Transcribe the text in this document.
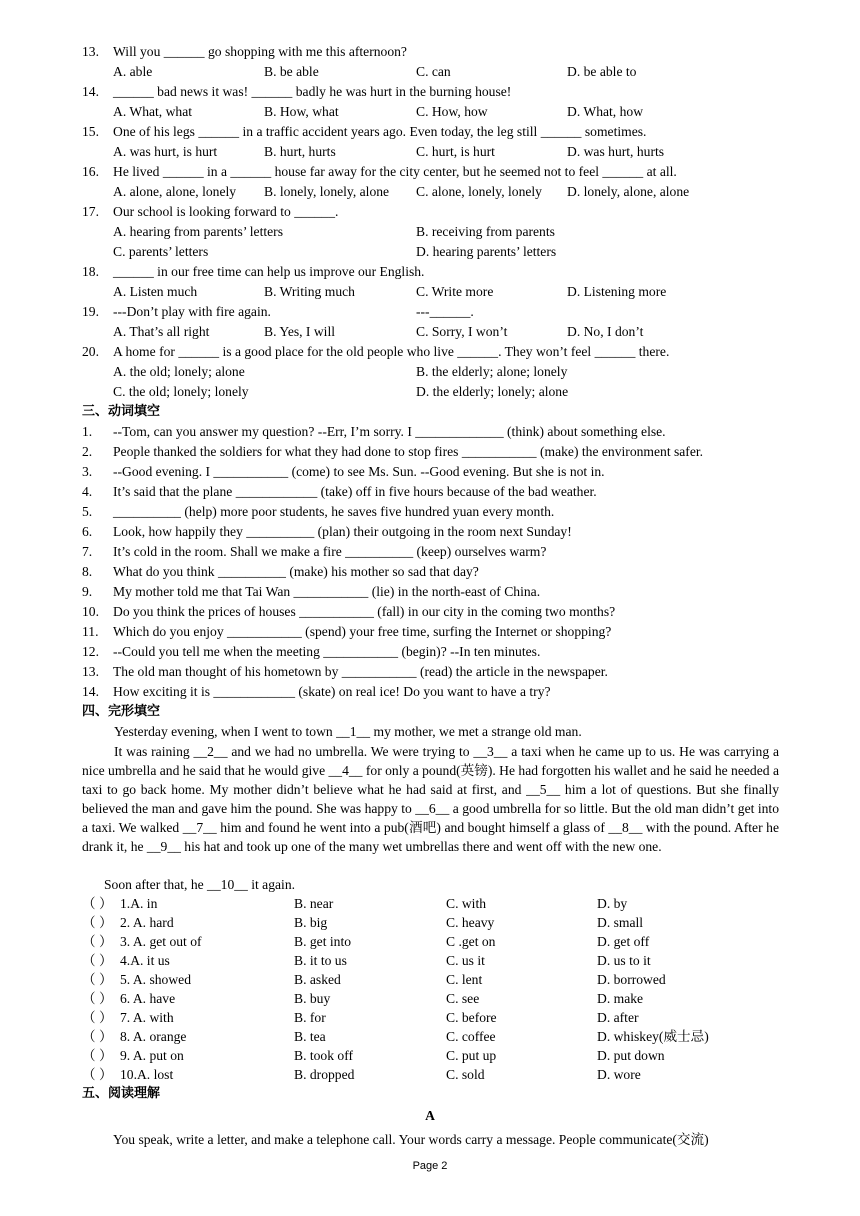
13. Will you ______ go shopping with me this afternoon?
A. able	B. be able	C. can	D. be able to
14. ______ bad news it was! ______ badly he was hurt in the burning house!
A. What, what	B. How, what	C. How, how	D. What, how
15. One of his legs ______ in a traffic accident years ago. Even today, the leg still ______ sometimes.
A. was hurt, is hurt	B. hurt, hurts	C. hurt, is hurt	D. was hurt, hurts
16. He lived ______ in a ______ house far away for the city center, but he seemed not to feel ______ at all.
A. alone, alone, lonely B. lonely, lonely, alone C. alone, lonely, lonely D. lonely, alone, alone
17. Our school is looking forward to ______.
A. hearing from parents’ letters	B. receiving from parents
C. parents’ letters	D. hearing parents’ letters
18. ______ in our free time can help us improve our English.
A. Listen much	B. Writing much	C. Write more	D. Listening more
19. ---Don’t play with fire again.	---______.
A. That’s all right	B. Yes, I will	C. Sorry, I won’t	D. No, I don’t
20. A home for ______ is a good place for the old people who live ______. They won’t feel ______ there.
A. the old; lonely; alone	B. the elderly; alone; lonely
C. the old; lonely; lonely	D. the elderly; lonely; alone
三、动词填空
1. --Tom, can you answer my question? --Err, I’m sorry. I _____________ (think) about something else.
2. People thanked the soldiers for what they had done to stop fires ___________ (make) the environment safer.
3. --Good evening. I ___________ (come) to see Ms. Sun. --Good evening. But she is not in.
4. It’s said that the plane ____________ (take) off in five hours because of the bad weather.
5. __________ (help) more poor students, he saves five hundred yuan every month.
6. Look, how happily they __________ (plan) their outgoing in the room next Sunday!
7. It’s cold in the room. Shall we make a fire __________ (keep) ourselves warm?
8. What do you think __________ (make) his mother so sad that day?
9. My mother told me that Tai Wan ___________ (lie) in the north-east of China.
10. Do you think the prices of houses ___________ (fall) in our city in the coming two months?
11. Which do you enjoy ___________ (spend) your free time, surfing the Internet or shopping?
12. --Could you tell me when the meeting ___________ (begin)? --In ten minutes.
13. The old man thought of his hometown by ___________ (read) the article in the newspaper.
14. How exciting it is ____________ (skate) on real ice! Do you want to have a try?
四、完形填空
Yesterday evening, when I went to town __1__ my mother, we met a strange old man.
It was raining __2__ and we had no umbrella. We were trying to __3__ a taxi when he came up to us. He was carrying a nice umbrella and he said that he would give __4__ for only a pound(英镑). He had forgotten his wallet and he said he needed a taxi to go back home. My mother didn’t believe what he had said at first, and __5__ him a lot of questions. But she finally believed the man and gave him the pound. She was happy to __6__ a good umbrella for so little. But the old man didn’t get into a taxi. We walked __7__ him and found he went into a pub(酒吧) and bought himself a glass of __8__ with the pound. After he drank it, he __9__ his hat and took up one of the many wet umbrellas there and went off with the new one.
Soon after that, he __10__ it again.
（ ） 1.A. in	B. near	C. with	D. by
（ ） 2. A. hard	B. big	C. heavy	D. small
（ ） 3. A. get out of	B. get into	C .get on	D. get off
（ ） 4.A. it us	B. it to us	C. us it	D. us to it
（ ） 5. A. showed	B. asked	C. lent	D. borrowed
（ ） 6. A. have	B. buy	C. see	D. make
（ ） 7. A. with	B. for	C. before	D. after
（ ） 8. A. orange	B. tea	C. coffee	D. whiskey(威士忌)
（ ） 9. A. put on	B. took off	C. put up	D. put down
（ ） 10.A. lost	B. dropped	C. sold	D. wore
五、阅读理解
A
You speak, write a letter, and make a telephone call. Your words carry a message. People communicate(交流)
Page 2
